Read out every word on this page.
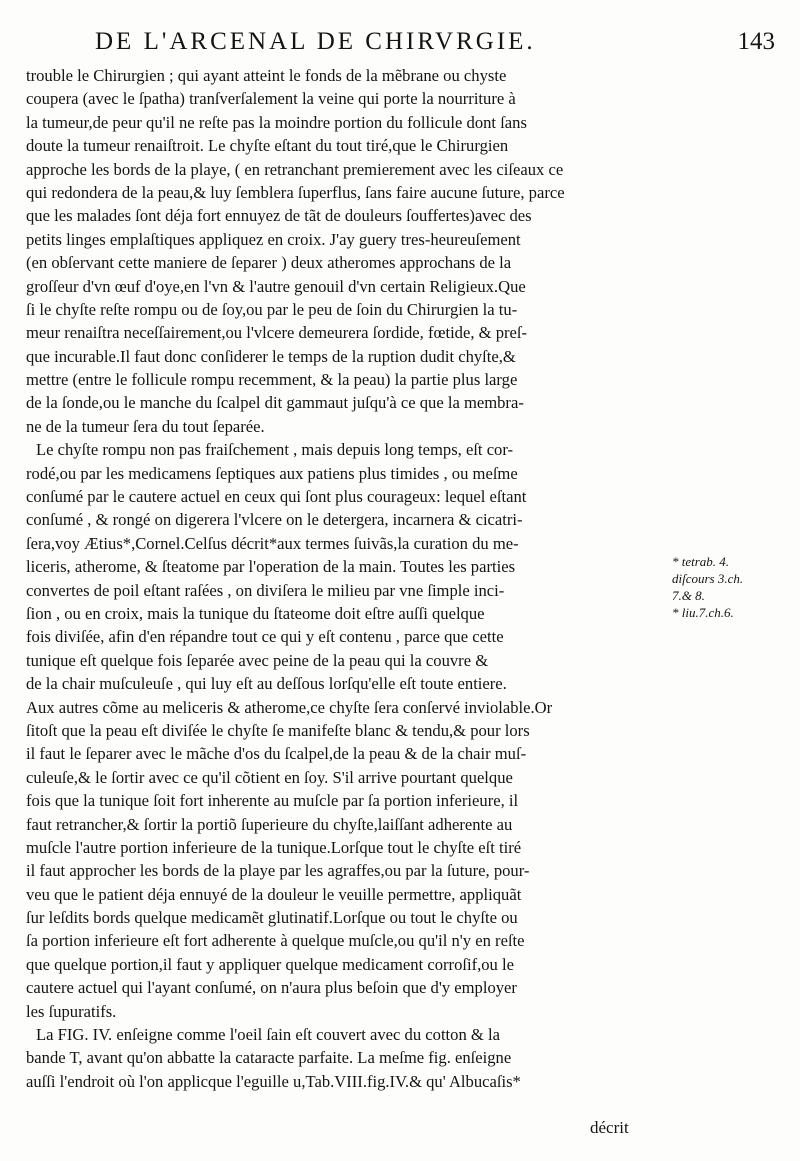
DE L'ARCENAL DE CHIRVRGIE.	143
trouble le Chirurgien ; qui ayant atteint le fonds de la mẽbrane ou chyste
coupera (avec le ſpatha) tranſverſalement la veine qui porte la nourriture à
la tumeur,de peur qu'il ne reſte pas la moindre portion du follicule dont ſans
doute la tumeur renaiſtroit. Le chyſte eſtant du tout tiré,que le Chirurgien
approche les bords de la playe, ( en retranchant premierement avec les ciſeaux ce
qui redondera de la peau,& luy ſemblera ſuperflus, ſans faire aucune ſuture, parce
que les malades ſont déja fort ennuyez de tãt de douleurs ſouffertes)avec des
petits linges emplaſtiques appliquez en croix. J'ay guery tres-heureuſement
(en obſervant cette maniere de ſeparer ) deux atheromes approchans de la
groſſeur d'vn œuf d'oye,en l'vn & l'autre genouil d'vn certain Religieux.Que
ſi le chyſte reſte rompu ou de ſoy,ou par le peu de ſoin du Chirurgien la tu-
meur renaiſtra neceſſairement,ou l'vlcere demeurera ſordide, fœtide, & preſ-
que incurable.Il faut donc conſiderer le temps de la ruption dudit chyſte,&
mettre (entre le follicule rompu recemment, & la peau) la partie plus large
de la ſonde,ou le manche du ſcalpel dit gammaut juſqu'à ce que la membra-
ne de la tumeur ſera du tout ſeparée.
Le chyſte rompu non pas fraiſchement , mais depuis long temps, eſt cor-
rodé,ou par les medicamens ſeptiques aux patiens plus timides , ou meſme
conſumé par le cautere actuel en ceux qui ſont plus courageux: lequel eſtant
conſumé , & rongé on digerera l'vlcere on le detergera, incarnera & cicatri-
ſera,voy Ætius*,Cornel.Celſus décrit*aux termes ſuivãs,la curation du me-
liceris, atherome, & ſteatome par l'operation de la main. Toutes les parties
convertes de poil eſtant raſées , on diviſera le milieu par vne ſimple inci-
ſion , ou en croix, mais la tunique du ſtateome doit eſtre auſſi quelque
fois diviſée, afin d'en répandre tout ce qui y eſt contenu , parce que cette
tunique eſt quelque fois ſeparée avec peine de la peau qui la couvre &
de la chair muſculeuſe , qui luy eſt au deſſous lorſqu'elle eſt toute entiere.
Aux autres cõme au meliceris & atherome,ce chyſte ſera conſervé inviolable.Or
ſitoſt que la peau eſt diviſée le chyſte ſe manifeſte blanc & tendu,& pour lors
il faut le ſeparer avec le mãche d'os du ſcalpel,de la peau & de la chair muſ-
culeuſe,& le ſortir avec ce qu'il cõtient en ſoy. S'il arrive pourtant quelque
fois que la tunique ſoit fort inherente au muſcle par ſa portion inferieure, il
faut retrancher,& ſortir la portiõ ſuperieure du chyſte,laiſſant adherente au
muſcle l'autre portion inferieure de la tunique.Lorſque tout le chyſte eſt tiré
il faut approcher les bords de la playe par les agraffes,ou par la ſuture, pour-
veu que le patient déja ennuyé de la douleur le veuille permettre, appliquãt
ſur leſdits bords quelque medicamẽt glutinatif.Lorſque ou tout le chyſte ou
ſa portion inferieure eſt fort adherente à quelque muſcle,ou qu'il n'y en reſte
que quelque portion,il faut y appliquer quelque medicament corroſif,ou le
cautere actuel qui l'ayant conſumé, on n'aura plus beſoin que d'y employer
les ſupuratifs.
La FIG. IV. enſeigne comme l'oeil ſain eſt couvert avec du cotton & la
bande T, avant qu'on abbatte la cataracte parfaite. La meſme fig. enſeigne
auſſi l'endroit où l'on applicque l'eguille u,Tab.VIII.fig.IV.& qu' Albucaſis*
* tetrab. 4.
diſcours 3.ch.
7.& 8.
* liu.7.ch.6.
décrit
